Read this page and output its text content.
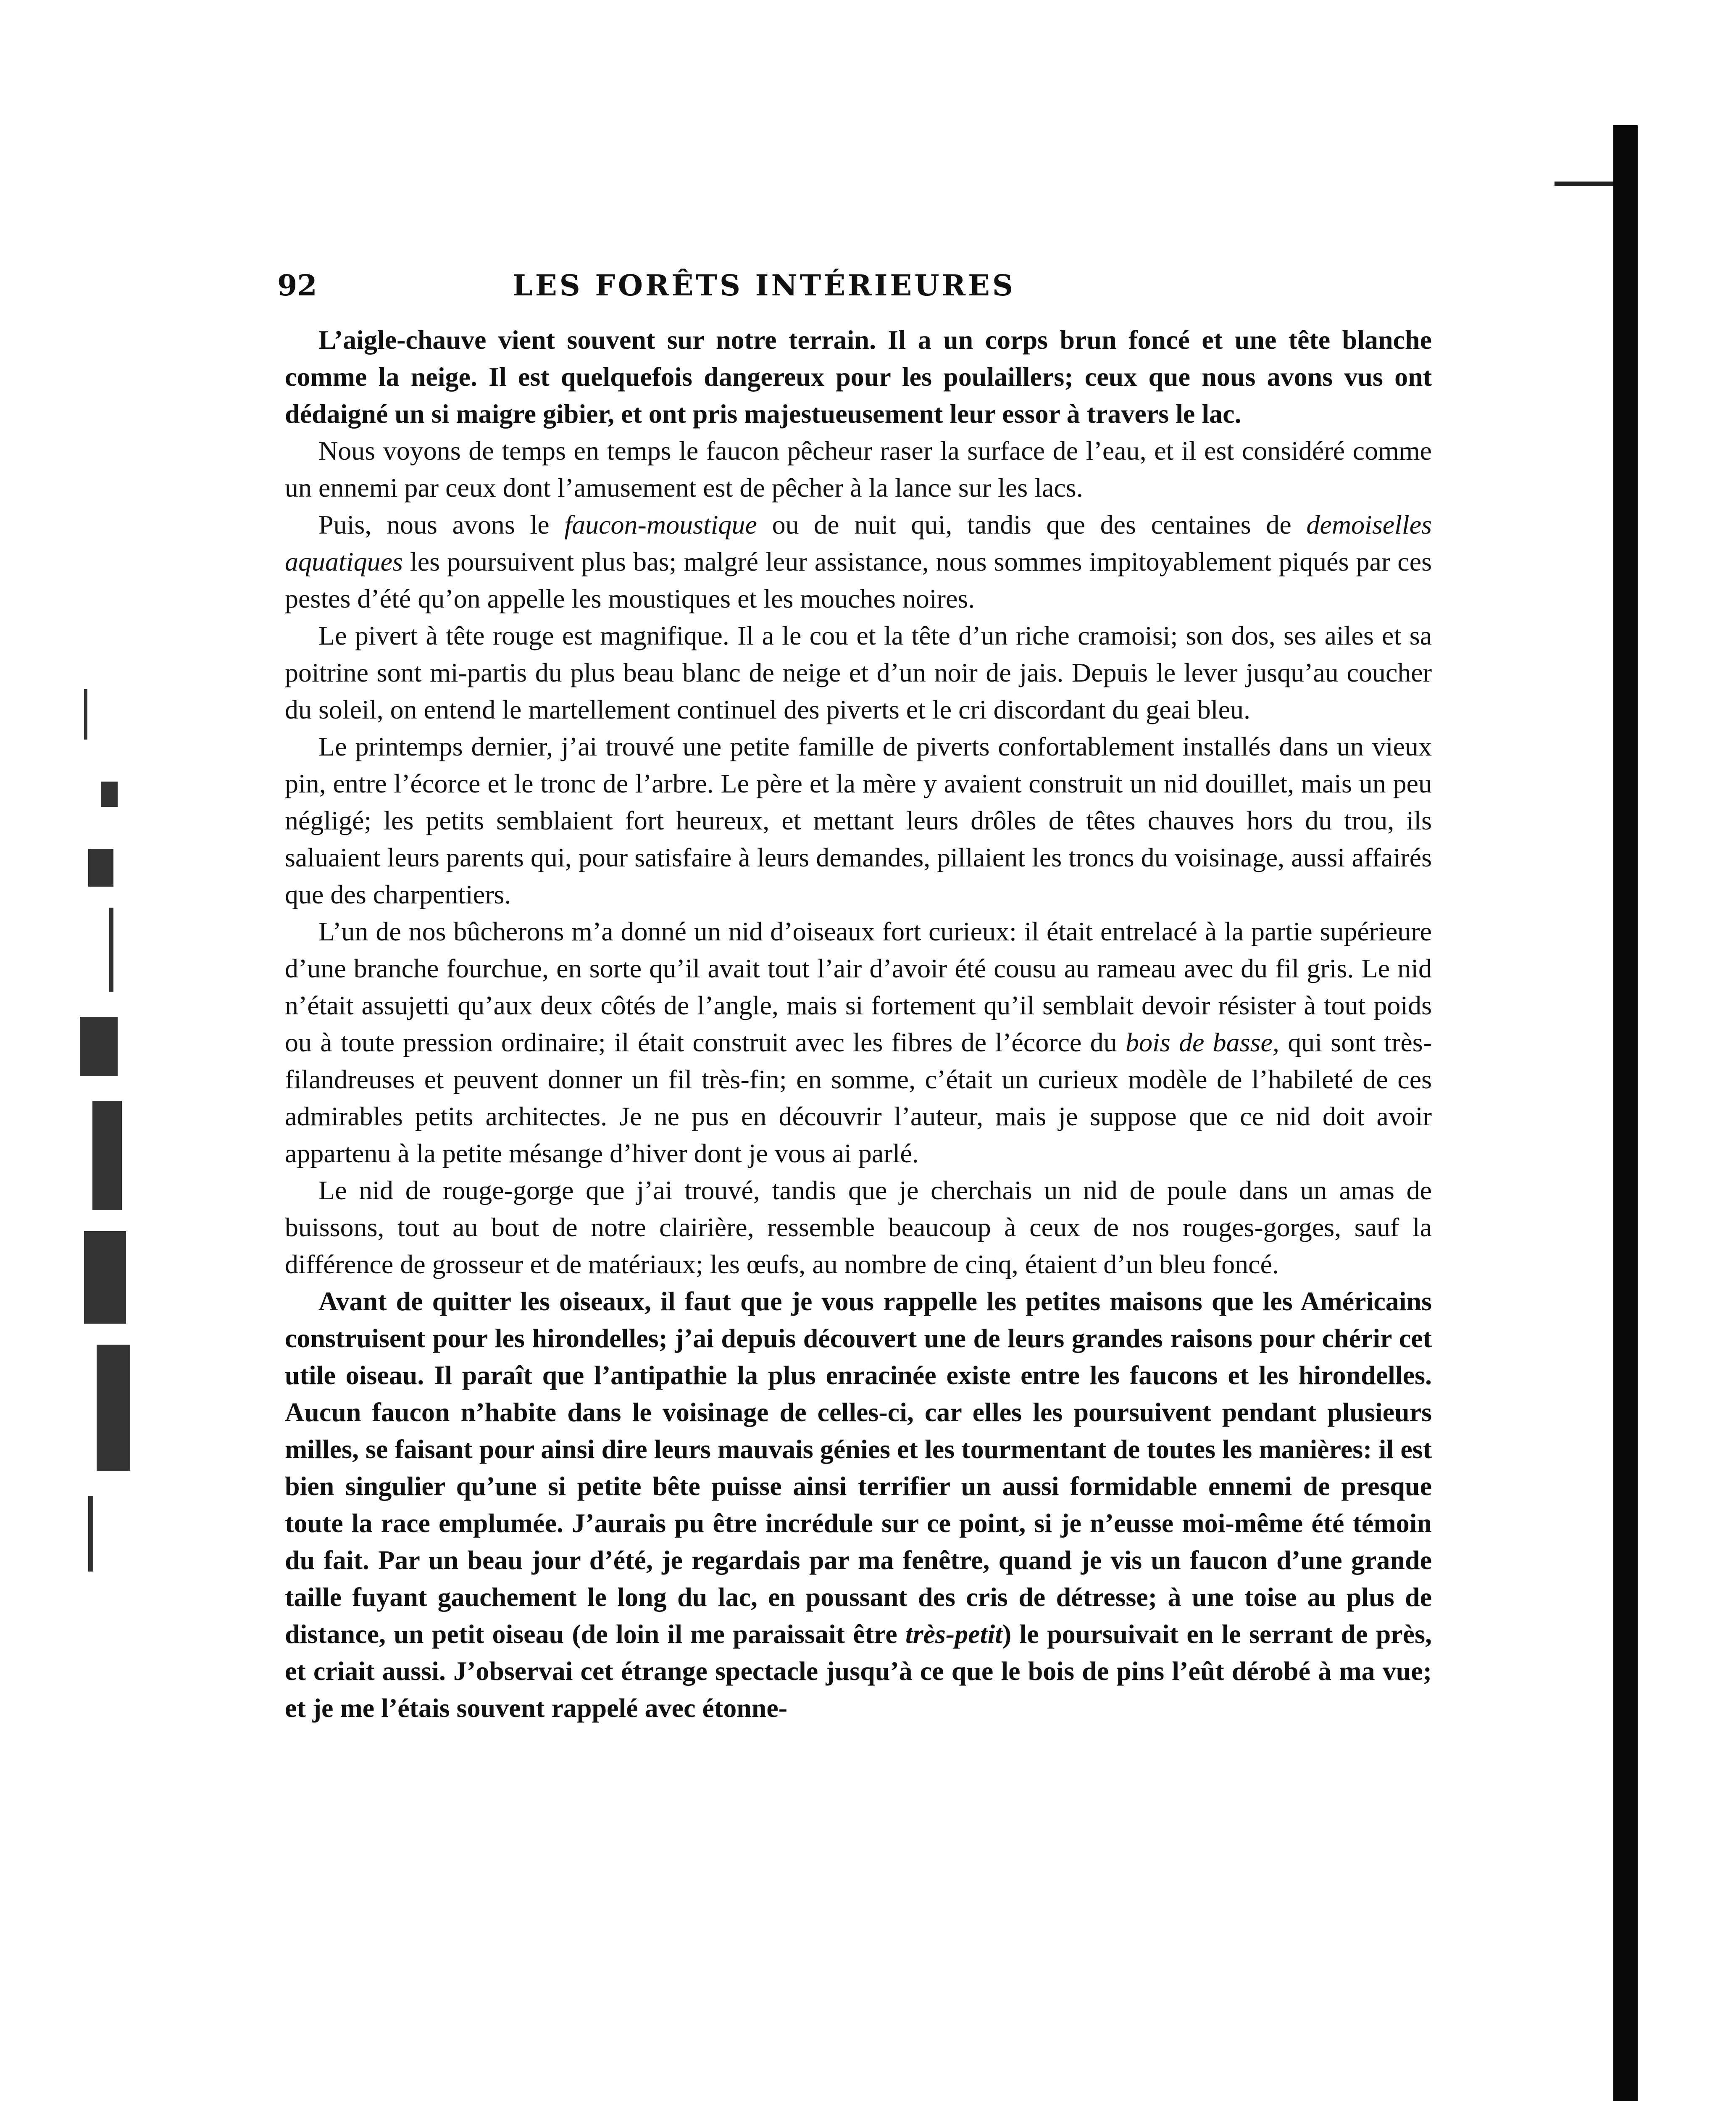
92	LES FORÊTS INTÉRIEURES

L’aigle-chauve vient souvent sur notre terrain. Il a un corps brun foncé et une tête blanche comme la neige. Il est quelquefois dangereux pour les poulaillers; ceux que nous avons vus ont dédaigné un si maigre gibier, et ont pris majestueusement leur essor à travers le lac.

Nous voyons de temps en temps le faucon pêcheur raser la surface de l’eau, et il est considéré comme un ennemi par ceux dont l’amusement est de pêcher à la lance sur les lacs.

Puis, nous avons le faucon-moustique ou de nuit qui, tandis que des centaines de demoiselles aquatiques les poursuivent plus bas; malgré leur assistance, nous sommes impitoyablement piqués par ces pestes d’été qu’on appelle les moustiques et les mouches noires.

Le pivert à tête rouge est magnifique. Il a le cou et la tête d’un riche cramoisi; son dos, ses ailes et sa poitrine sont mi-partis du plus beau blanc de neige et d’un noir de jais. Depuis le lever jusqu’au coucher du soleil, on entend le martellement continuel des piverts et le cri discordant du geai bleu.

Le printemps dernier, j’ai trouvé une petite famille de piverts confortablement installés dans un vieux pin, entre l’écorce et le tronc de l’arbre. Le père et la mère y avaient construit un nid douillet, mais un peu négligé; les petits semblaient fort heureux, et mettant leurs drôles de têtes chauves hors du trou, ils saluaient leurs parents qui, pour satisfaire à leurs demandes, pillaient les troncs du voisinage, aussi affairés que des charpentiers.

L’un de nos bûcherons m’a donné un nid d’oiseaux fort curieux: il était entrelacé à la partie supérieure d’une branche fourchue, en sorte qu’il avait tout l’air d’avoir été cousu au rameau avec du fil gris. Le nid n’était assujetti qu’aux deux côtés de l’angle, mais si fortement qu’il semblait devoir résister à tout poids ou à toute pression ordinaire; il était construit avec les fibres de l’écorce du bois de basse, qui sont très-filandreuses et peuvent donner un fil très-fin; en somme, c’était un curieux modèle de l’habileté de ces admirables petits architectes. Je ne pus en découvrir l’auteur, mais je suppose que ce nid doit avoir appartenu à la petite mésange d’hiver dont je vous ai parlé.

Le nid de rouge-gorge que j’ai trouvé, tandis que je cherchais un nid de poule dans un amas de buissons, tout au bout de notre clairière, ressemble beaucoup à ceux de nos rouges-gorges, sauf la différence de grosseur et de matériaux; les œufs, au nombre de cinq, étaient d’un bleu foncé.

Avant de quitter les oiseaux, il faut que je vous rappelle les petites maisons que les Américains construisent pour les hirondelles; j’ai depuis découvert une de leurs grandes raisons pour chérir cet utile oiseau. Il paraît que l’antipathie la plus enracinée existe entre les faucons et les hirondelles. Aucun faucon n’habite dans le voisinage de celles-ci, car elles les poursuivent pendant plusieurs milles, se faisant pour ainsi dire leurs mauvais génies et les tourmentant de toutes les manières: il est bien singulier qu’une si petite bête puisse ainsi terrifier un aussi formidable ennemi de presque toute la race emplumée. J’aurais pu être incrédule sur ce point, si je n’eusse moi-même été témoin du fait. Par un beau jour d’été, je regardais par ma fenêtre, quand je vis un faucon d’une grande taille fuyant gauchement le long du lac, en poussant des cris de détresse; à une toise au plus de distance, un petit oiseau (de loin il me paraissait être très-petit) le poursuivait en le serrant de près, et criait aussi. J’observai cet étrange spectacle jusqu’à ce que le bois de pins l’eût dérobé à ma vue; et je me l’étais souvent rappelé avec étonne-
